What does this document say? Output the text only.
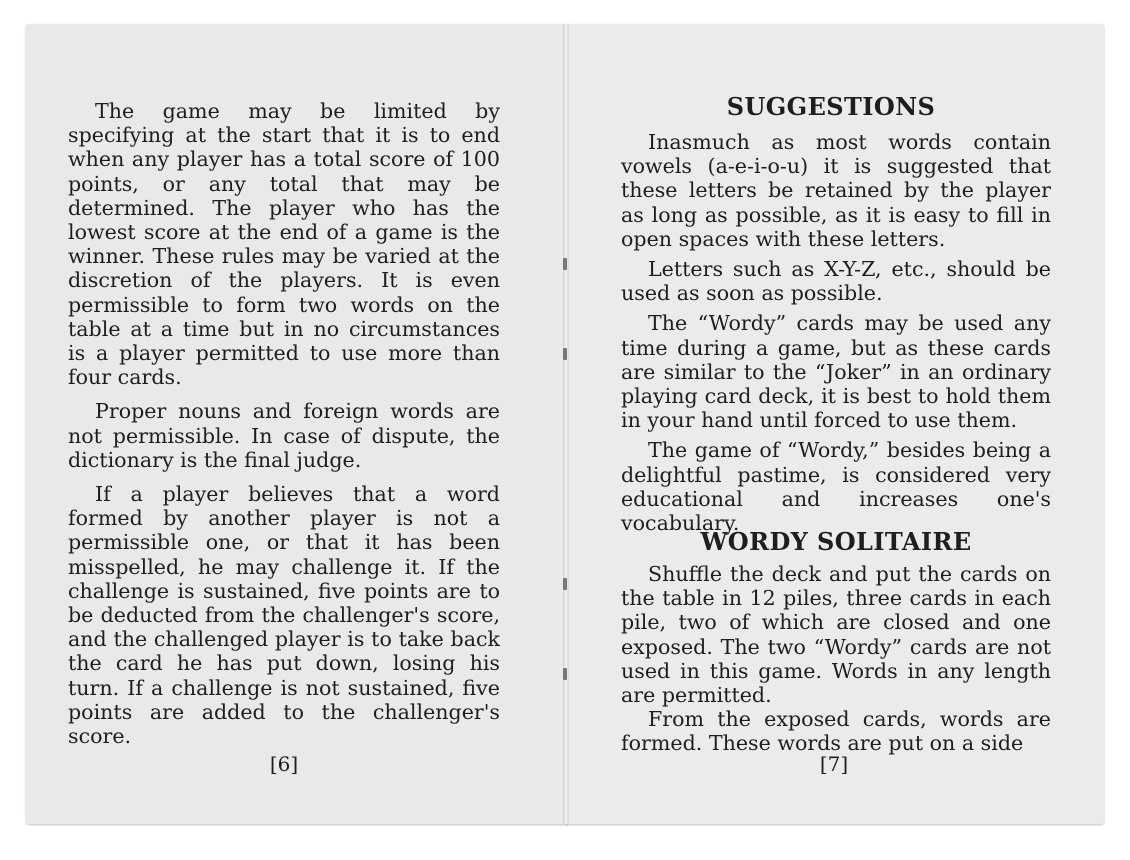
The game may be limited by specifying at the start that it is to end when any player has a total score of 100 points, or any total that may be determined. The player who has the lowest score at the end of a game is the winner. These rules may be varied at the discretion of the players. It is even permissible to form two words on the table at a time but in no circumstances is a player permitted to use more than four cards.

Proper nouns and foreign words are not permissible. In case of dispute, the dictionary is the final judge.

If a player believes that a word formed by another player is not a permissible one, or that it has been misspelled, he may challenge it. If the challenge is sustained, five points are to be deducted from the challenger's score, and the challenged player is to take back the card he has put down, losing his turn. If a challenge is not sustained, five points are added to the challenger's score.

[6]
SUGGESTIONS

Inasmuch as most words contain vowels (a-e-i-o-u) it is suggested that these letters be retained by the player as long as possible, as it is easy to fill in open spaces with these letters.

Letters such as X-Y-Z, etc., should be used as soon as possible.

The “Wordy” cards may be used any time during a game, but as these cards are similar to the “Joker” in an ordinary playing card deck, it is best to hold them in your hand until forced to use them.

The game of “Wordy,” besides being a delightful pastime, is considered very educational and increases one's vocabulary.

WORDY SOLITAIRE

Shuffle the deck and put the cards on the table in 12 piles, three cards in each pile, two of which are closed and one exposed. The two “Wordy” cards are not used in this game. Words in any length are permitted.

From the exposed cards, words are formed. These words are put on a side

[7]
